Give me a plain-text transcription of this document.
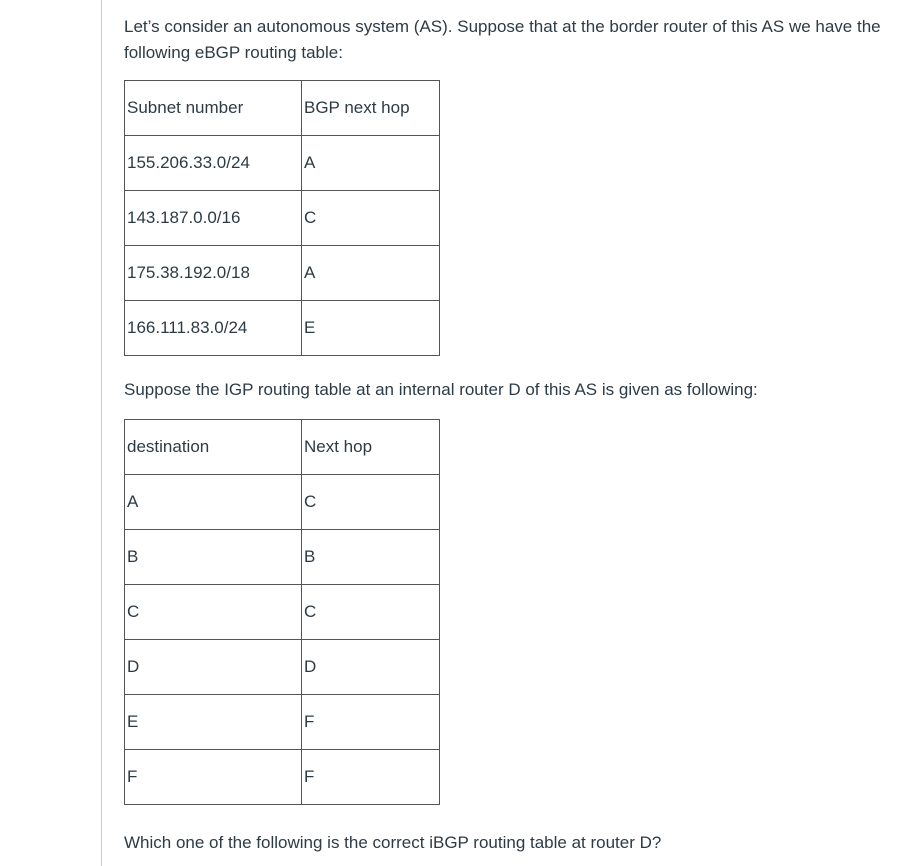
Let’s consider an autonomous system (AS). Suppose that at the border router of this AS we have the following eBGP routing table:

Subnet number	BGP next hop
155.206.33.0/24	A
143.187.0.0/16	C
175.38.192.0/18	A
166.111.83.0/24	E

Suppose the IGP routing table at an internal router D of this AS is given as following:

destination	Next hop
A	C
B	B
C	C
D	D
E	F
F	F

Which one of the following is the correct iBGP routing table at router D?
